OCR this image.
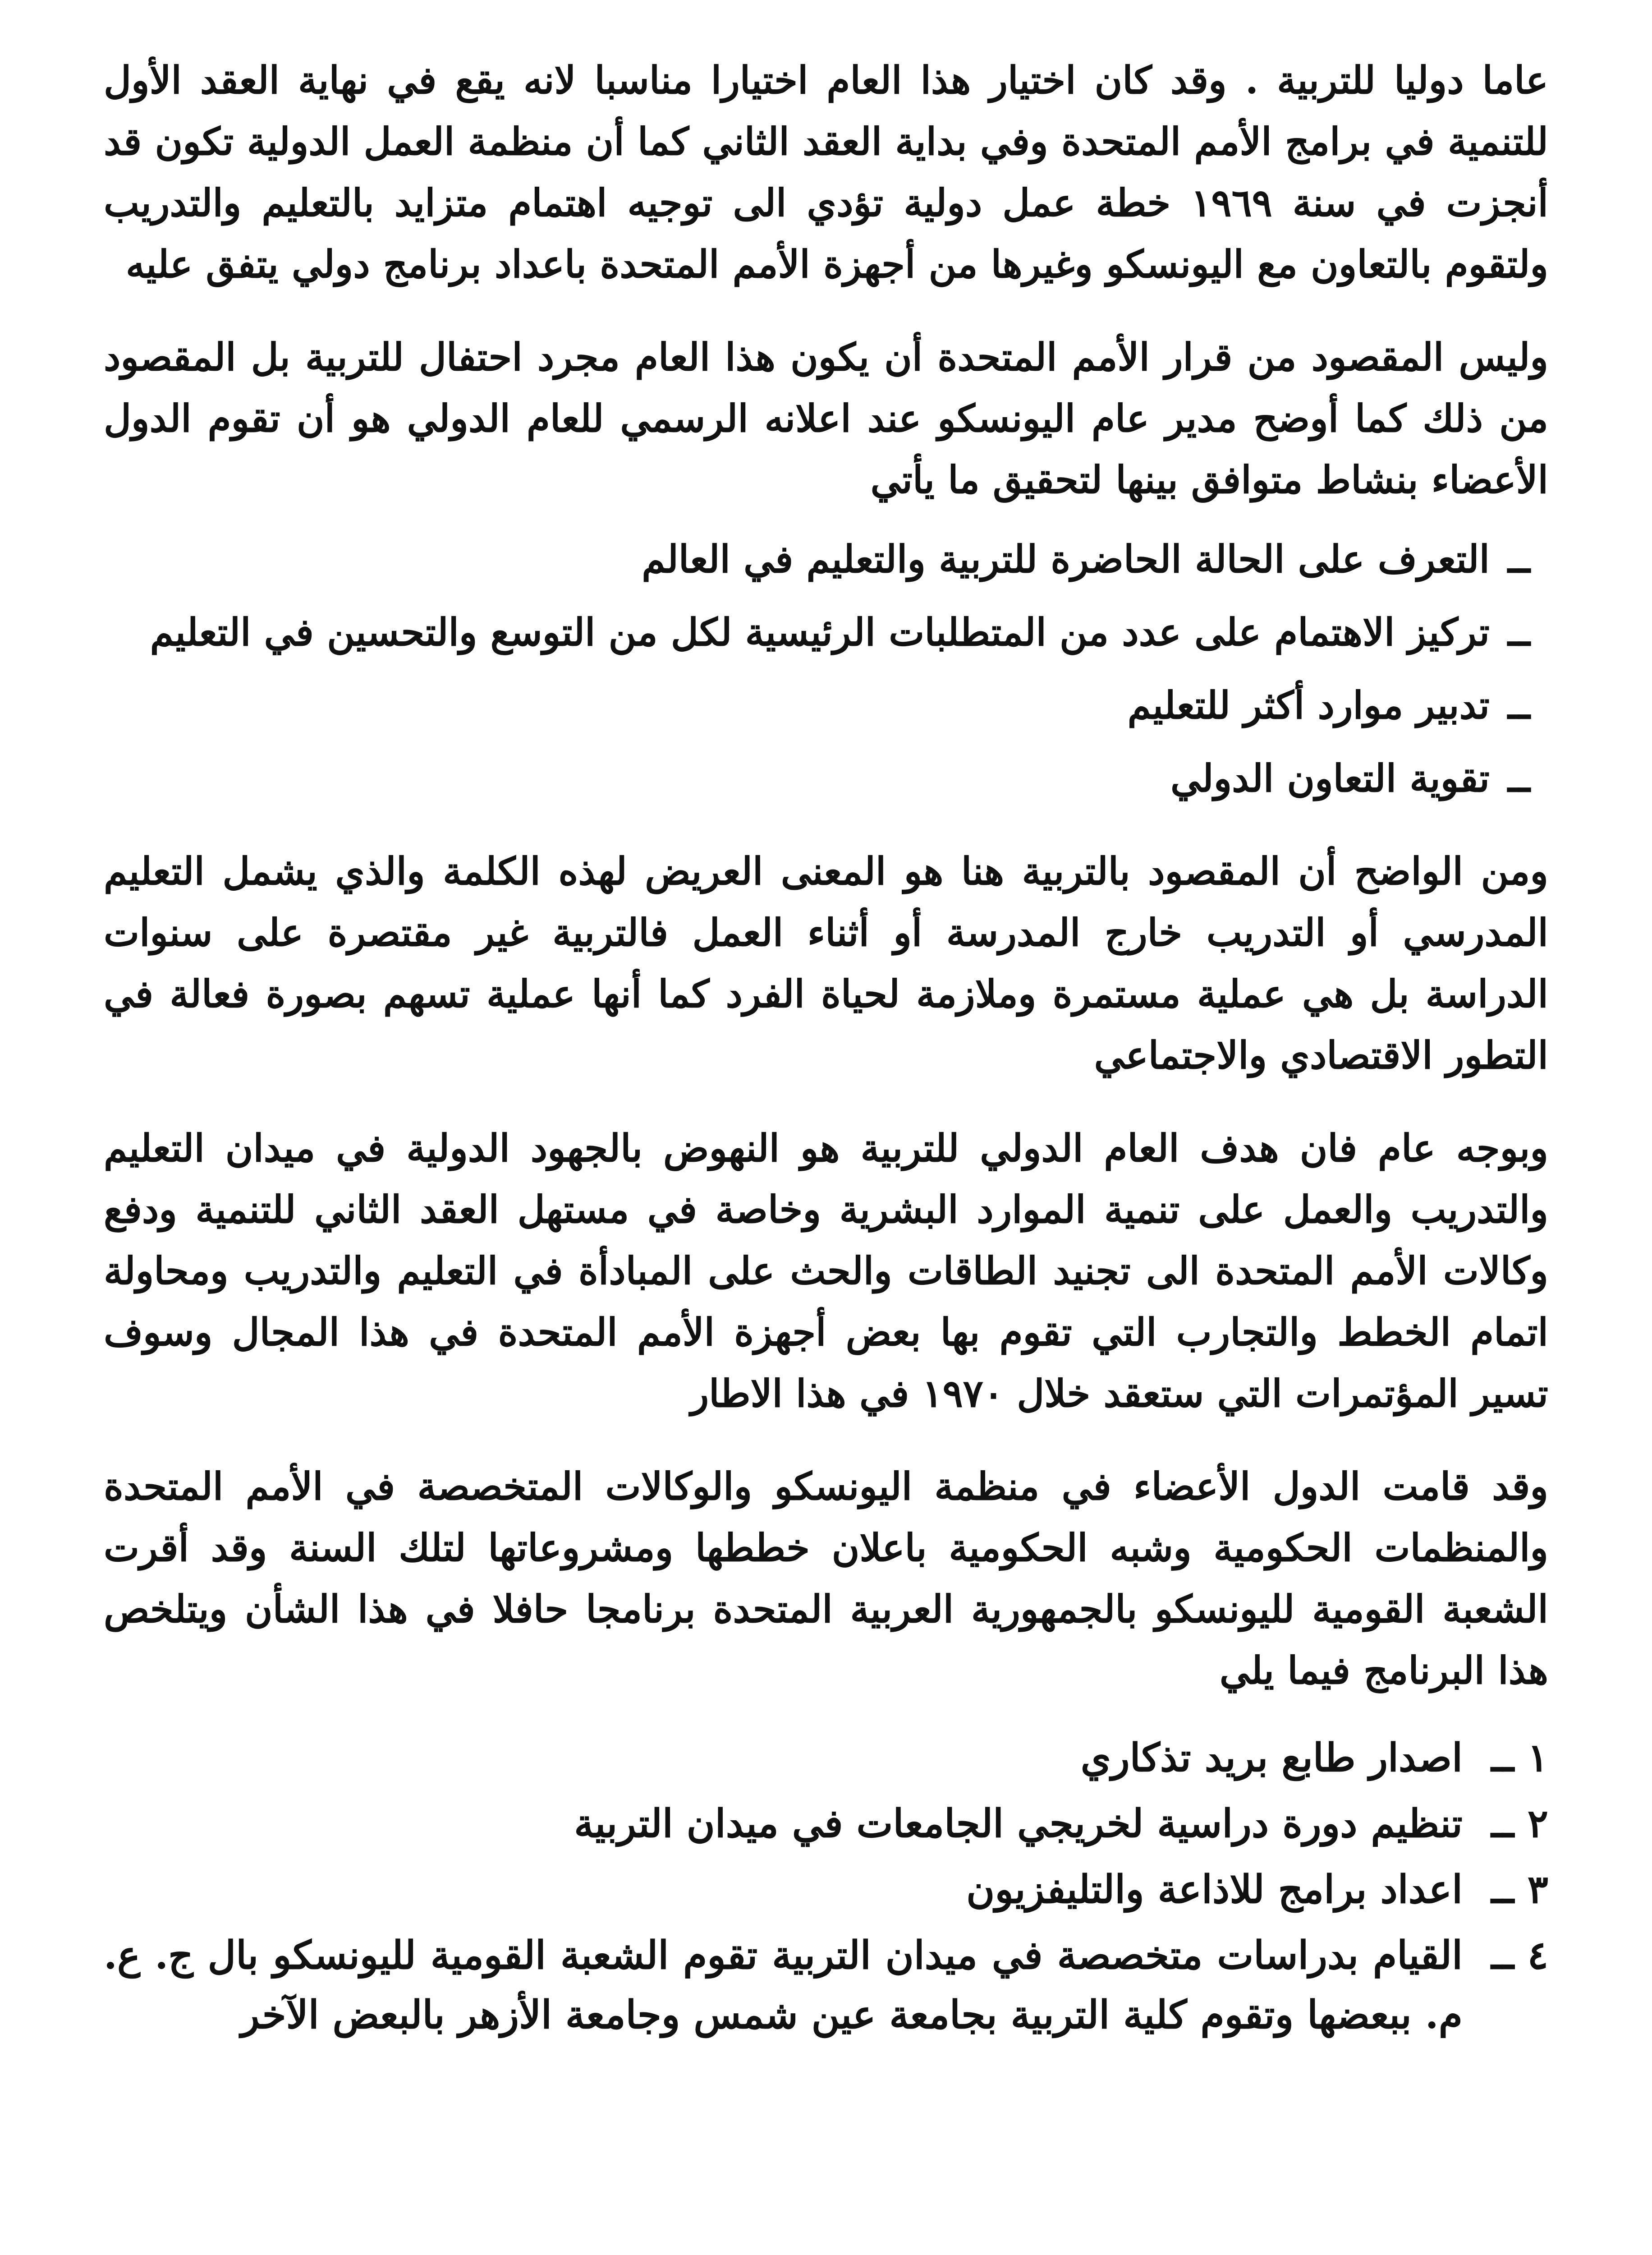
عاما دوليا للتربية . وقد كان اختيار هذا العام اختيارا مناسبا لانه يقع في نهاية العقد الأول للتنمية في برامج الأمم المتحدة وفي بداية العقد الثاني كما أن منظمة العمل الدولية تكون قد أنجزت في سنة ١٩٦٩ خطة عمل دولية تؤدي الى توجيه اهتمام متزايد بالتعليم والتدريب ولتقوم بالتعاون مع اليونسكو وغيرها من أجهزة الأمم المتحدة باعداد برنامج دولي يتفق عليه

وليس المقصود من قرار الأمم المتحدة أن يكون هذا العام مجرد احتفال للتربية بل المقصود من ذلك كما أوضح مدير عام اليونسكو عند اعلانه الرسمي للعام الدولي هو أن تقوم الدول الأعضاء بنشاط متوافق بينها لتحقيق ما يأتي

ــ
التعرف على الحالة الحاضرة للتربية والتعليم في العالم
ــ
تركيز الاهتمام على عدد من المتطلبات الرئيسية لكل من التوسع والتحسين في التعليم
ــ
تدبير موارد أكثر للتعليم
ــ
تقوية التعاون الدولي

ومن الواضح أن المقصود بالتربية هنا هو المعنى العريض لهذه الكلمة والذي يشمل التعليم المدرسي أو التدريب خارج المدرسة أو أثناء العمل فالتربية غير مقتصرة على سنوات الدراسة بل هي عملية مستمرة وملازمة لحياة الفرد كما أنها عملية تسهم بصورة فعالة في التطور الاقتصادي والاجتماعي

وبوجه عام فان هدف العام الدولي للتربية هو النهوض بالجهود الدولية في ميدان التعليم والتدريب والعمل على تنمية الموارد البشرية وخاصة في مستهل العقد الثاني للتنمية ودفع وكالات الأمم المتحدة الى تجنيد الطاقات والحث على المبادأة في التعليم والتدريب ومحاولة اتمام الخطط والتجارب التي تقوم بها بعض أجهزة الأمم المتحدة في هذا المجال وسوف تسير المؤتمرات التي ستعقد خلال ١٩٧٠ في هذا الاطار

وقد قامت الدول الأعضاء في منظمة اليونسكو والوكالات المتخصصة في الأمم المتحدة والمنظمات الحكومية وشبه الحكومية باعلان خططها ومشروعاتها لتلك السنة وقد أقرت الشعبة القومية لليونسكو بالجمهورية العربية المتحدة برنامجا حافلا في هذا الشأن ويتلخص هذا البرنامج فيما يلي

١ ــ
اصدار طابع بريد تذكاري
٢ ــ
تنظيم دورة دراسية لخريجي الجامعات في ميدان التربية
٣ ــ
اعداد برامج للاذاعة والتليفزيون
٤ ــ
القيام بدراسات متخصصة في ميدان التربية تقوم الشعبة القومية لليونسكو بال ج. ع. م. ببعضها وتقوم كلية التربية بجامعة عين شمس وجامعة الأزهر بالبعض الآخر
